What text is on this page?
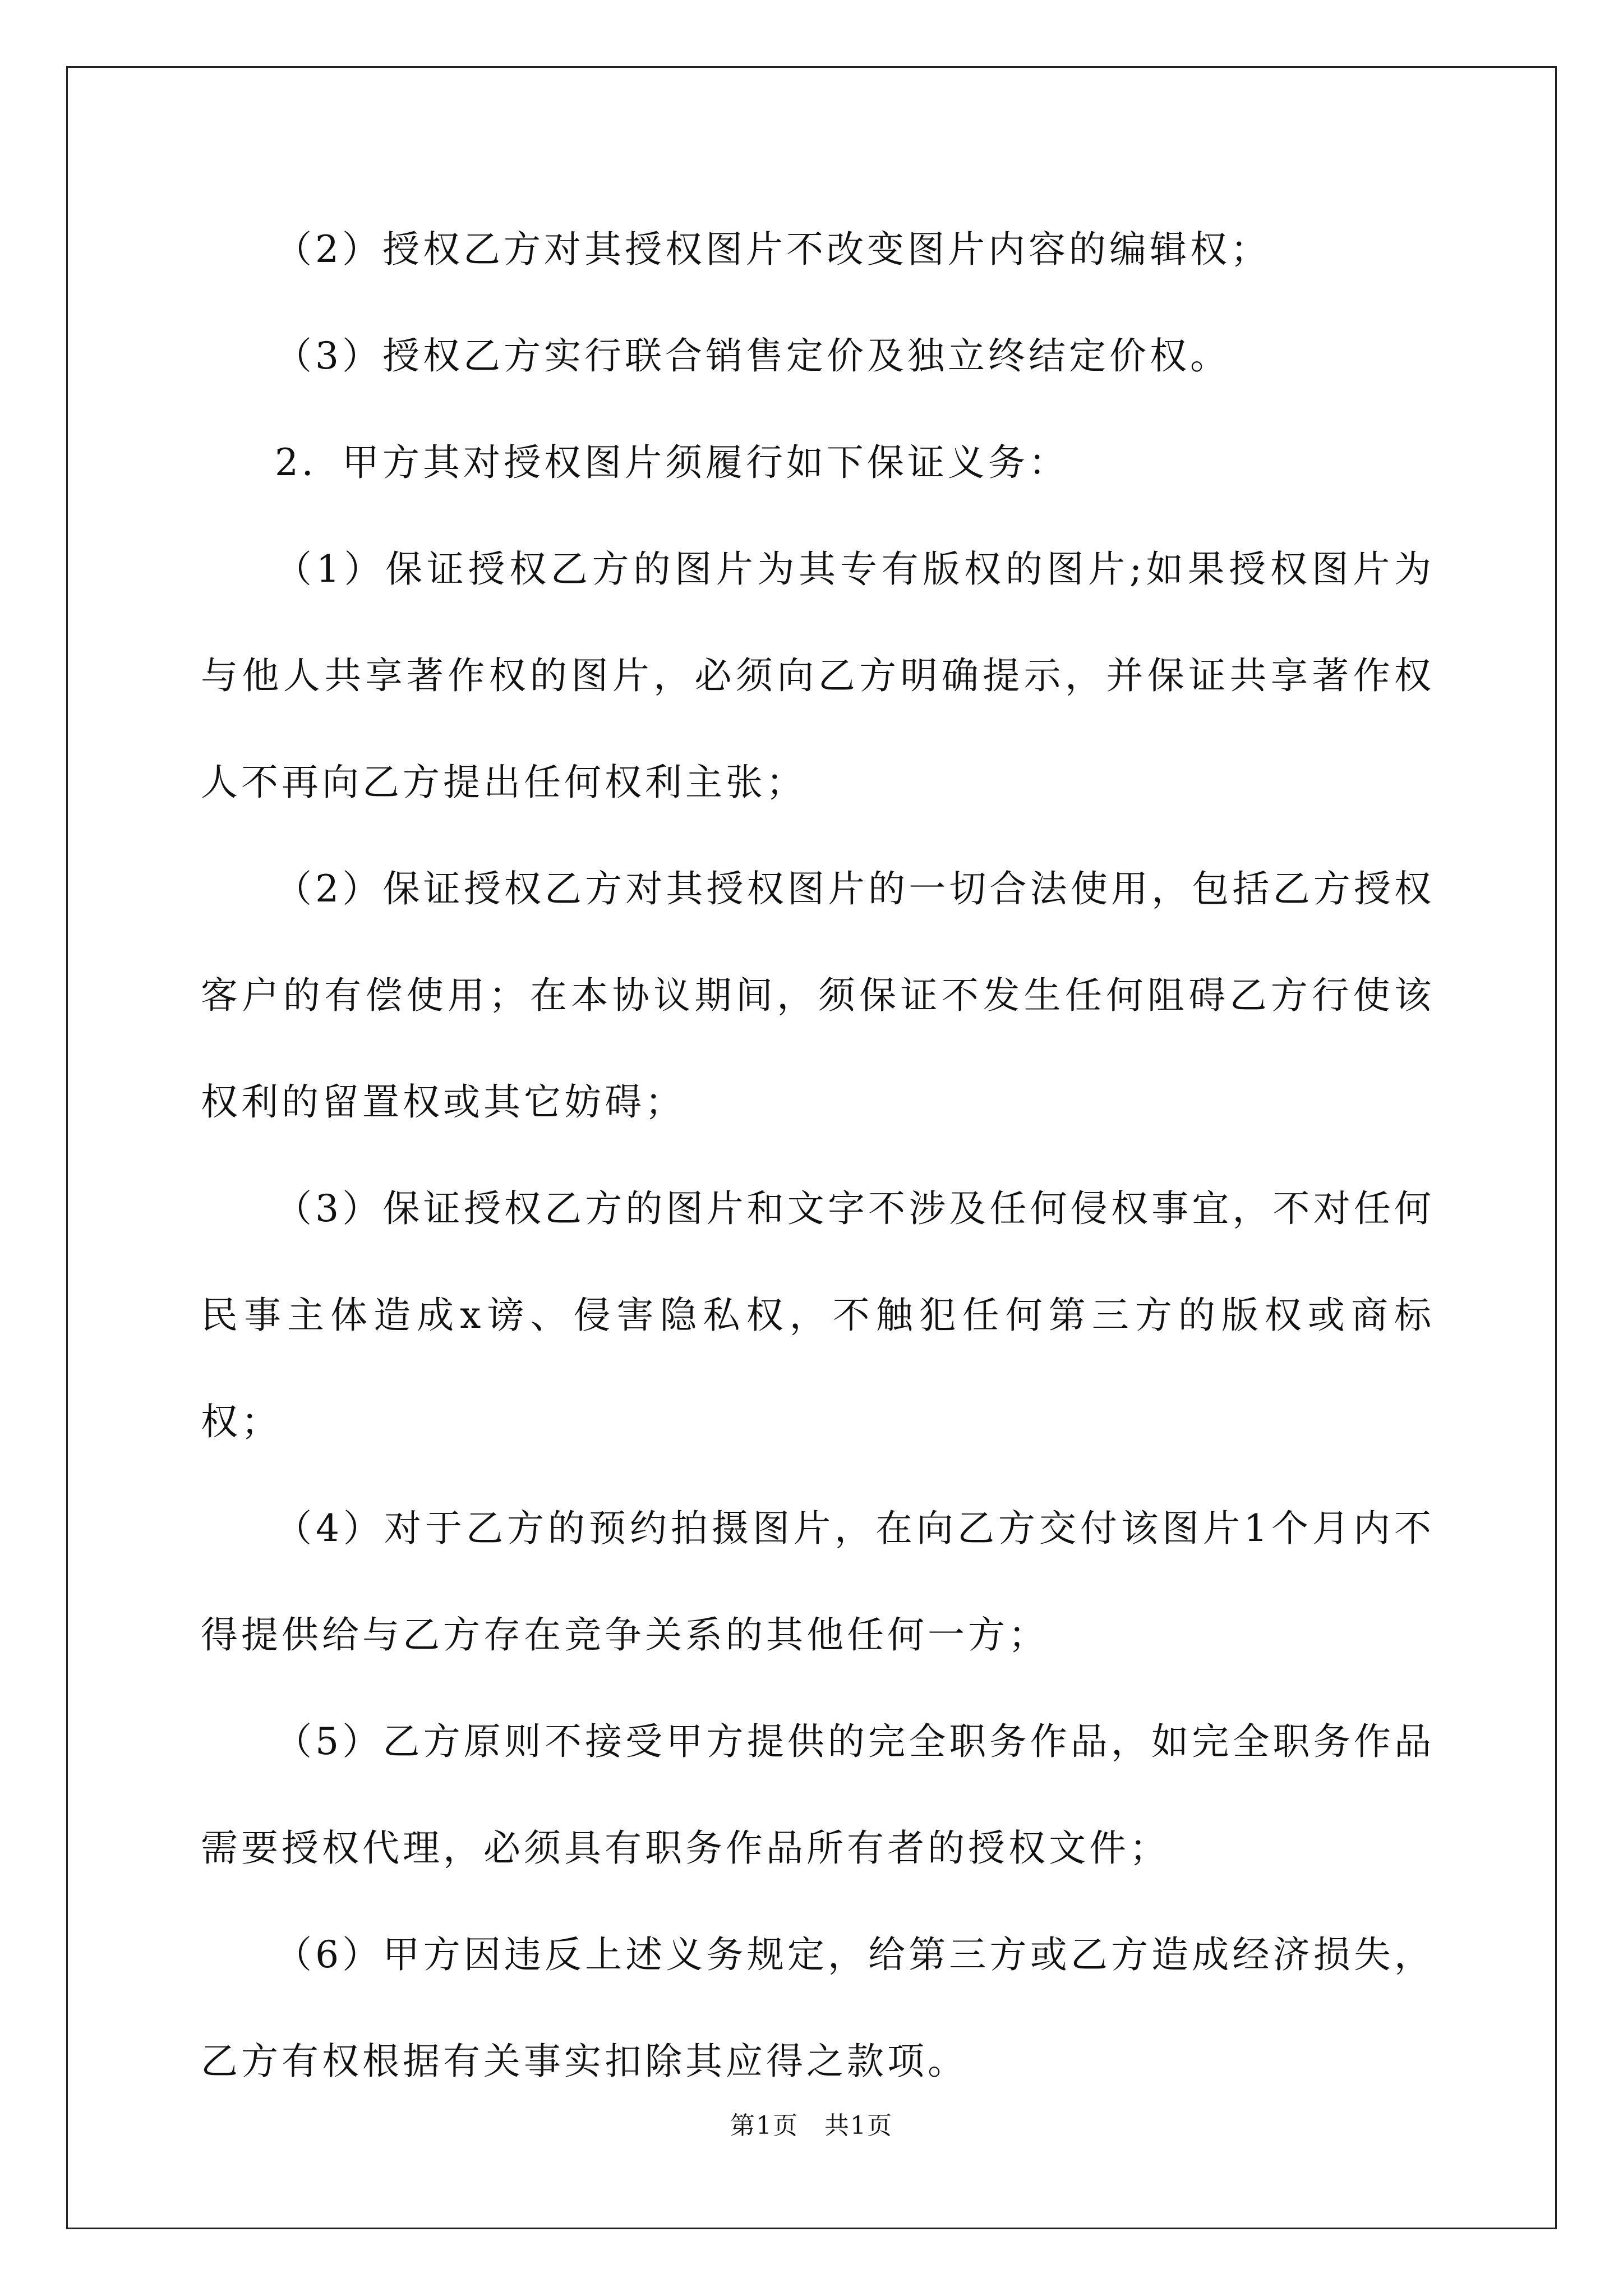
（2）授权乙方对其授权图片不改变图片内容的编辑权；

（3）授权乙方实行联合销售定价及独立终结定价权。

2．甲方其对授权图片须履行如下保证义务：

（1）保证授权乙方的图片为其专有版权的图片;如果授权图片为与他人共享著作权的图片，必须向乙方明确提示，并保证共享著作权人不再向乙方提出任何权利主张；

（2）保证授权乙方对其授权图片的一切合法使用，包括乙方授权客户的有偿使用；在本协议期间，须保证不发生任何阻碍乙方行使该权利的留置权或其它妨碍；

（3）保证授权乙方的图片和文字不涉及任何侵权事宜，不对任何民事主体造成x谤、侵害隐私权，不触犯任何第三方的版权或商标权；

（4）对于乙方的预约拍摄图片，在向乙方交付该图片1个月内不得提供给与乙方存在竞争关系的其他任何一方；

（5）乙方原则不接受甲方提供的完全职务作品，如完全职务作品需要授权代理，必须具有职务作品所有者的授权文件；

（6）甲方因违反上述义务规定，给第三方或乙方造成经济损失，乙方有权根据有关事实扣除其应得之款项。

第1页　共1页
